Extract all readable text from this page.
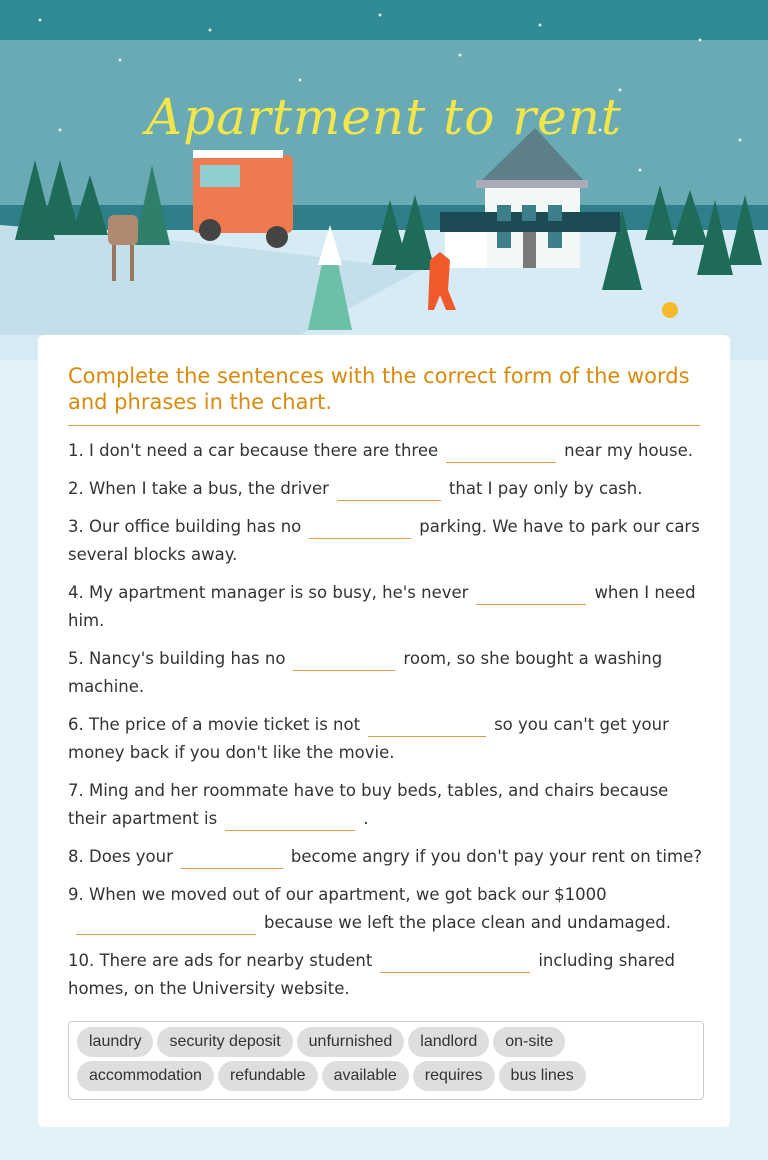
Apartment to rent
Complete the sentences with the correct form of the words and phrases in the chart.
1. I don't need a car because there are three	near my house.
2. When I take a bus, the driver	that I pay only by cash.
3. Our office building has no	parking. We have to park our cars several blocks away.
4. My apartment manager is so busy, he's never	when I need him.
5. Nancy's building has no	room, so she bought a washing machine.
6. The price of a movie ticket is not	so you can't get your money back if you don't like the movie.
7. Ming and her roommate have to buy beds, tables, and chairs because their apartment is	.
8. Does your	become angry if you don't pay your rent on time?
9. When we moved out of our apartment, we got back our $1000because we left the place clean and undamaged.
10. There are ads for nearby student	including shared homes, on the University website.
laundry security deposit unfurnished landlord on-site
accommodation refundable available requires bus lines
